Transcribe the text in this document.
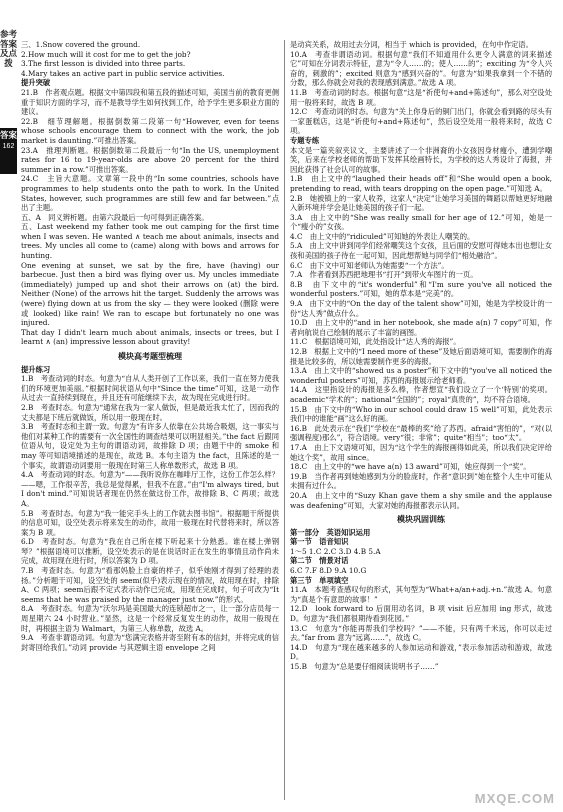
参考答案及点拨
答案
162

三、1.Snow covered the ground.

2.How much will it cost for me to get the job?

3.The first lesson is divided into three parts.

4.Mary takes an active part in public service activities.

提升突破

21.B　作者观点题。根据文中第四段和第五段的描述可知，美国当前的教育更侧重于知识方面的学习，而不是教导学生如何找到工作，给予学生更多职业方面的建议。

22.B　细节理解题。根据倒数第二段第一句“However, even for teens whose schools encourage them to connect with the work, the job market is daunting.”可推出答案。

23.A　推理判断题。根据倒数第二段最后一句“In the US, unemployment rates for 16 to 19-year-olds are above 20 percent for the third summer in a row.”可推出答案。

24.C　主旨大意题。文章第一段中的“In some countries, schools have programmes to help students onto the path to work. In the United States, however, such programmes are still few and far between.”点出了主题。

五、A　同义辨析题。由第六段最后一句可得到正确答案。

五、Last weekend my father took me out camping for the first time when I was seven. He wanted ∧ teach me about animals, insects and trees. My uncles all come to (came) along with bows and arrows for hunting.

One evening at sunset, we sat by the fire, have (having) our barbecue. Just then a bird was flying over us. My uncles immediate (immediately) jumped up and shot their arrows on (at) the bird. Neither (None) of the arrows hit the target. Suddenly the arrows was (were) flying down at us from the sky — they were looked (删除 were 或 looked) like rain! We ran to escape but fortunately no one was injured.

That day I didn't learn much about animals, insects or trees, but I learnt ∧ (an) impressive lesson about gravity!

模块高考题型梳理

提升练习

1.B　考查动词的时态。句意为“自从人类开创了工作以来，我们一直在努力使我们的环境更加美丽。”根据时间状语从句中“Since the time”可知，这是一动作从过去一直持续到现在，并且还有可能继续下去，故为现在完成进行时。

2.B　考查时态。句意为“通常在我为一家人做饭，但是最近我太忙了，因而我的丈夫都是下班后就做饭，所以用一般现在时。

3.B　考查时态和主谓一致。句意为“有许多人依靠在公共场合吸烟，这一事实与他们对某种工作的需要有一次全国性的调查结果可以明显相关。”the fact 后跟同位语从句，设定处为主句的谓语动词，故排除 D 项；由题干中的 smoke 和 may 等可知语境描述的是现在，故选 B。本句主语为 the fact，且陈述的是一个事实，故谓语动词要用一般现在时第三人称单数形式，故选 B 项。

4.A　考查动词的时态。句意为“——我听说你在咖啡厅工作，这份工作怎么样？——嗯，工作很辛苦，我总是觉得累，但我不在意。”由“I'm always tired, but I don't mind.”可知说话者现在仍然在做这份工作，故排除 B、C 两项；故选 A。

5.B　考查时态。句意为“我一能完手头上的工作就去图书馆”。根据题干所提供的信息可知，设空处表示将来发生的动作，故用一般现在时代替将来时，所以答案为 B 项。

6.D　考查时态。句意为“我在自己所在楼下听起来十分熟悉。谁在楼上弹钢琴？”根据语境可以推断，设空处表示的是在说话时正在发生的事情且动作尚未完成，故用现在进行时，所以答案为 D 项。

7.B　考查时态。句意为“看那妈脸上自豪的样子，似乎她刚才得到了经理的表扬。”分析题干可知，设空处的 seem(似乎)表示现在的情况，故用现在时，排除 A、C 两项；seem后跟不定式表示动作已完成，用现在完成时，句子可改为“It seems that he was praised by the manager just now.”的形式。

8.A　考查时态。句意为“沃尔玛是美国最大的连锁超市之一，让一部分店员每一周星期六 24 小时营业。”显然，这是一个经常反复发生的动作，故用一般现在时，再根据主语为 Walmart，为第三人称单数，故选 A。

9.A　考查非谓语动词。句意为“您满完表格并寄至附有本的信封，并将完成的信封寄回给我们。”动词 provide 与其逻辑主语 envelope 之间

是动宾关系，故用过去分词，相当于 which is provided，在句中作定语。

10.A　考查非谓语动词。根据句意“我们不知道用什么更令人满意的词来描述它”可知在分词表示特征，意为“令人……的；使人……的”；exciting 为“令人兴奋的，刺激的”；excited 则意为“感到兴奋的”。句意为“如果我拿到一个不错的分数，那么你就会对我的表现感到满意。”故选 A 项。

11.B　考查动词的时态。根据句意“这是“祈使句+and+陈述句”，那么对空设处用一般将来时，故选 B 项。

12.C　考查动词的时态。句意为“关上你身后的铜门出门，你就会看到路的尽头有一家蛋糕店，这是“祈使句+and+陈述句”，然后设空处用一般将来时，故选 C 项。

专题专练

本文是一篇夹叙夹议文，主要讲述了一个非洲裔的小女孩因身材瘦小，遭到学嘲笑，后来在学校老师的帮助下发挥其绘画特长，为学校的达人秀设计了海报，并因此获得了社会认可的故事。

1.B　由上文中的“laughed their heads off”和“She would open a book, pretending to read, with tears dropping on the open page.”可知选 A。

2.B　她被镇上的一家人收养，这家人“决定”让她学习美国的舞蹈以帮她更好地融入新环境并学会是让她美国的孩子们一起。

3.A　由上文中的“She was really small for her age of 12.”可知，她是一个“瘦小的”女孩。

4.C　由上文中的“ridiculed”可知她的外表让人嘲笑的。

5.A　由上文中讲到同学们经常嘲笑这个女孩，且后面的安慰可得她本出也想让女孩和美国的孩子待在一起可知，因此想帮她与同学们“相处融洽”。

6.C　由下文中可知老师认为她需要“一个方法”。

7.A　作者看到苏西把地理书“打开”到带火车图片的一页。

8.B　由下文中的“it's wonderful”和“I'm sure you've all noticed the wonderful posters.”可知，她的草本是“完美”的。

9.A　由下文中的“On the day of the talent show”可知，她是为学校设计的一份“达人秀”做点什么。

10.D　由上文中的“and in her notebook, she made a(n) 7 copy”可知，作者向航说自己绘制的展示了丰富的画图。

11.C　根据语境可知，此处指设计“达人秀的海报”。

12.B　根据上文中的“I need more of these”及她后面语境可知，需要制作的海报是比较多的，所以她需要制作更多的海报。

13.A　由上文中的“showed us a poster”和下文中的“you've all noticed the wonderful posters”可知，苏西的海报展示给老师看。

14.A　这里指设计的海报是多么棒，作者想宣“我们设立了一个‘特别’的奖项。academic“学术的”；national“全国的”；royal“真贵的”，均不符合语境。

15.B　由下文中的“Who in our school could draw 15 well”可知，此处表示我们中的谁能“画”这么好的画。

16.B　此处表示在“我们”学校在“最棒的奖”给了苏西。afraid“害怕的”，“对(以强调程度)那么”，符合语境。very“很；非常”；quite“相当”；too“太”。

17.A　由上下文语境可知，因为“这个学生的海报画得如此美，所以我们决定评给她这个奖”，故用 since。

18.C　由上文中的“we have a(n) 13 award”可知，她应得到一个“奖”。

19.B　当作者再到她她感到为分的脸庞时，作者“意识到”她在整个人生中可能从未拥有过什么。

20.A　由上文中的“Suzy Khan gave them a shy smile and the applause was deafening”可知，大家对她的海报都表示认同。

模块巩固训练

第一部分　英语知识运用

第一节　语音知识

1～5 1.C 2.C 3.D 4.B 5.A

第二节　情景对话

6.C 7.F 8.D 9.A 10.G

第三节　单项填空

11.A　本题考查感叹句的形式，其句型为“What+a/an+adj.+n.”故选 A。句意为“真是个有意思的故事！”

12.D　look forward to 后面用动名词，B 项 visit 后应加用 ing 形式，故选 D。句意为“我们都很期待看到花园。”

13.C　句意为“你能再帮我们学校吗？”——不能，只有两千米远，你可以走过去。”far from 意为“远离……”，故选 C。

14.D　句意为“现在越来越多的人参加运动和游戏，”表示参加活动和游戏，故选 D。

15.B　句意为“总是要仔细阅读说明书子……”

MXQE.COM
